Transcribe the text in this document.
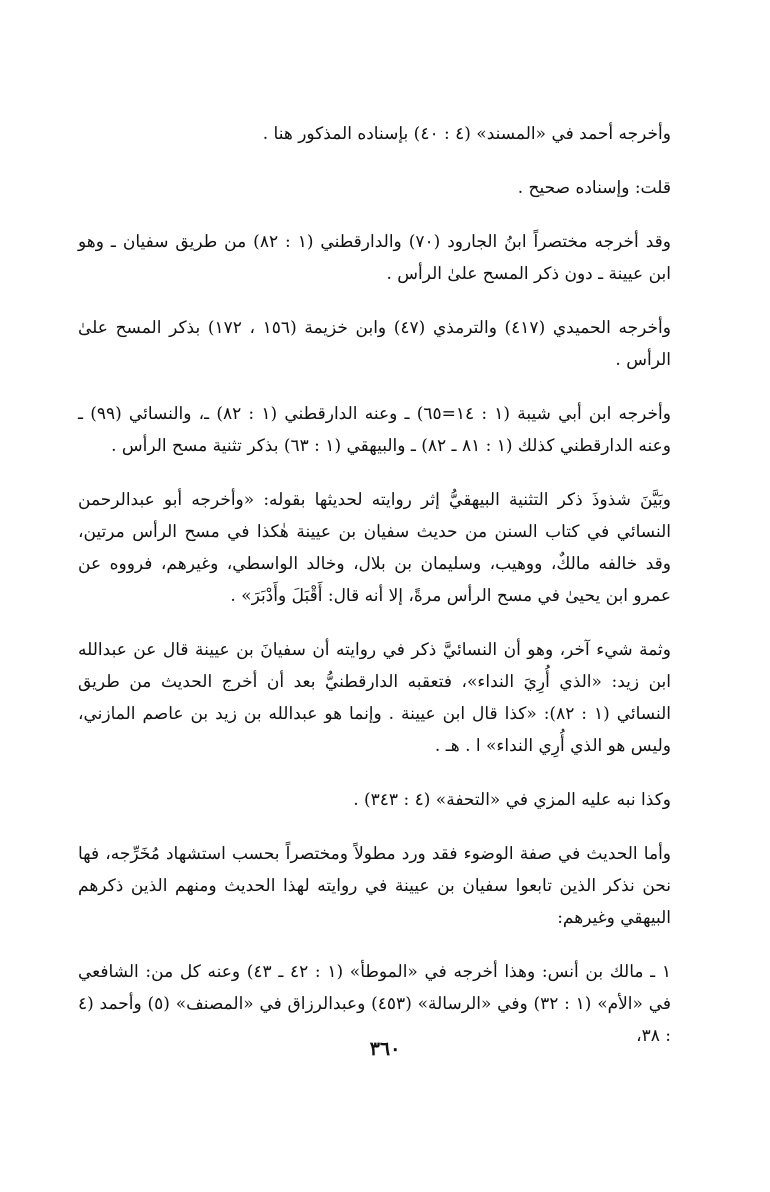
وأخرجه أحمد في «المسند» (٤ : ٤٠) بإسناده المذكور هنا .

قلت: وإسناده صحيح .

وقد أخرجه مختصراً ابنُ الجارود (٧٠) والدارقطني (١ : ٨٢) من طريق سفيان ـ وهو ابن عيينة ـ دون ذكر المسح علىٰ الرأس .

وأخرجه الحميدي (٤١٧) والترمذي (٤٧) وابن خزيمة (١٥٦ ، ١٧٢) بذكر المسح علىٰ الرأس .

وأخرجه ابن أبي شيبة (١ : ١٤=٦٥) ـ وعنه الدارقطني (١ : ٨٢) ـ، والنسائي (٩٩) ـ وعنه الدارقطني كذلك (١ : ٨١ ـ ٨٢) ـ والبيهقي (١ : ٦٣) بذكر تثنية مسح الرأس .

وبَيَّنَ شذوذَ ذكر التثنية البيهقيُّ إثر روايته لحديثها بقوله: «وأخرجه أبو عبدالرحمن النسائي في كتاب السنن من حديث سفيان بن عيينة هٰكذا في مسح الرأس مرتين، وقد خالفه مالكٌ، ووهيب، وسليمان بن بلال، وخالد الواسطي، وغيرهم، فرووه عن عمرو ابن يحيىٰ في مسح الرأس مرةً، إلا أنه قال: أَقْبَلَ وأَدْبَرَ» .

وثمة شيء آخر، وهو أن النسائيَّ ذكر في روايته أن سفيانَ بن عيينة قال عن عبدالله ابن زيد: «الذي أُرِيَ النداء»، فتعقبه الدارقطنيُّ بعد أن أخرج الحديث من طريق النسائي (١ : ٨٢): «كذا قال ابن عيينة . وإنما هو عبدالله بن زيد بن عاصم المازني، وليس هو الذي أُرِي النداء» ا . هـ .

وكذا نبه عليه المزي في «التحفة» (٤ : ٣٤٣) .

وأما الحديث في صفة الوضوء فقد ورد مطولاً ومختصراً بحسب استشهاد مُخَرِّجه، فها نحن نذكر الذين تابعوا سفيان بن عيينة في روايته لهذا الحديث ومنهم الذين ذكرهم البيهقي وغيرهم:

١ ـ مالك بن أنس: وهذا أخرجه في «الموطأ» (١ : ٤٢ ـ ٤٣) وعنه كل من: الشافعي في «الأم» (١ : ٣٢) وفي «الرسالة» (٤٥٣) وعبدالرزاق في «المصنف» (٥) وأحمد (٤ : ٣٨،

٣٦٠
